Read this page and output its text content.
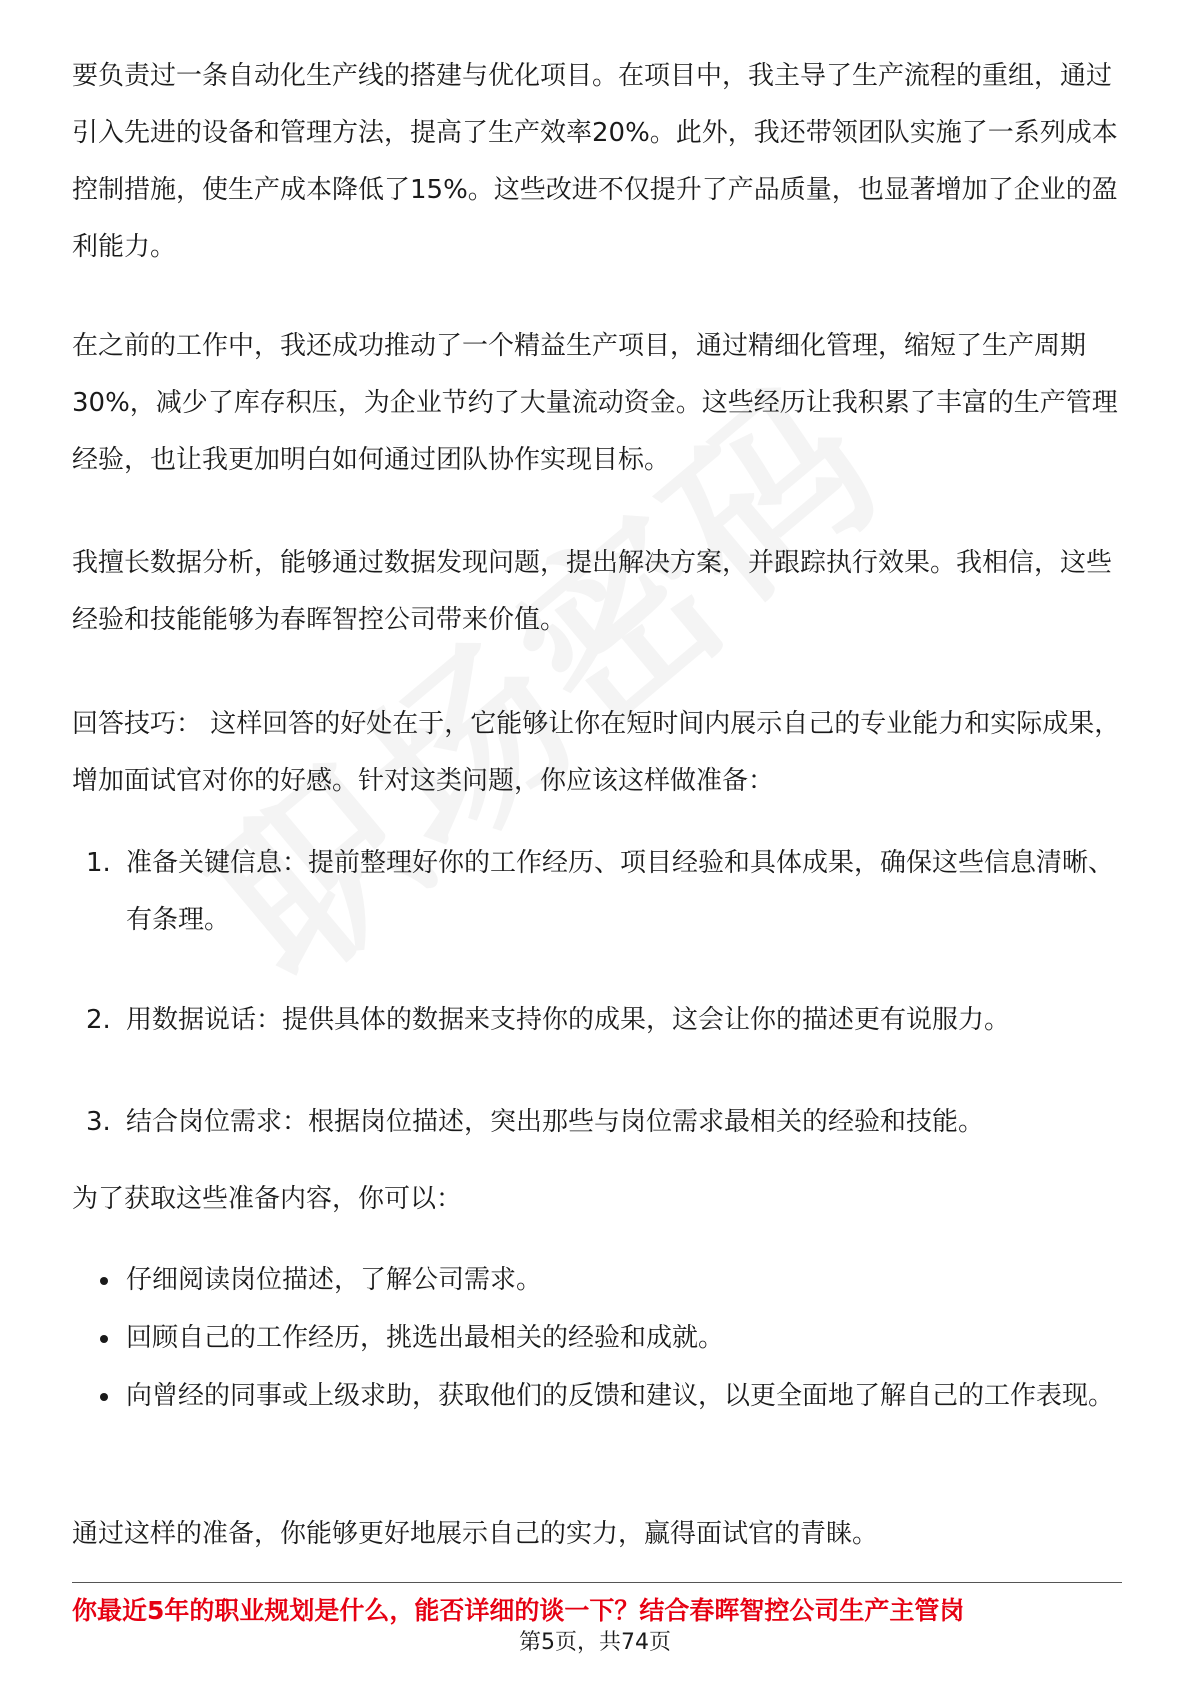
要负责过一条自动化生产线的搭建与优化项目。在项目中，我主导了生产流程的重组，通过引入先进的设备和管理方法，提高了生产效率20%。此外，我还带领团队实施了一系列成本控制措施，使生产成本降低了15%。这些改进不仅提升了产品质量，也显著增加了企业的盈利能力。

在之前的工作中，我还成功推动了一个精益生产项目，通过精细化管理，缩短了生产周期30%，减少了库存积压，为企业节约了大量流动资金。这些经历让我积累了丰富的生产管理经验，也让我更加明白如何通过团队协作实现目标。

我擅长数据分析，能够通过数据发现问题，提出解决方案，并跟踪执行效果。我相信，这些经验和技能能够为春晖智控公司带来价值。

回答技巧： 这样回答的好处在于，它能够让你在短时间内展示自己的专业能力和实际成果，增加面试官对你的好感。针对这类问题，你应该这样做准备：

1. 准备关键信息：提前整理好你的工作经历、项目经验和具体成果，确保这些信息清晰、有条理。
2. 用数据说话：提供具体的数据来支持你的成果，这会让你的描述更有说服力。
3. 结合岗位需求：根据岗位描述，突出那些与岗位需求最相关的经验和技能。

为了获取这些准备内容，你可以：

仔细阅读岗位描述，了解公司需求。
回顾自己的工作经历，挑选出最相关的经验和成就。
向曾经的同事或上级求助，获取他们的反馈和建议，以更全面地了解自己的工作表现。

通过这样的准备，你能够更好地展示自己的实力，赢得面试官的青睐。

你最近5年的职业规划是什么，能否详细的谈一下？结合春晖智控公司生产主管岗
第5页，共74页
